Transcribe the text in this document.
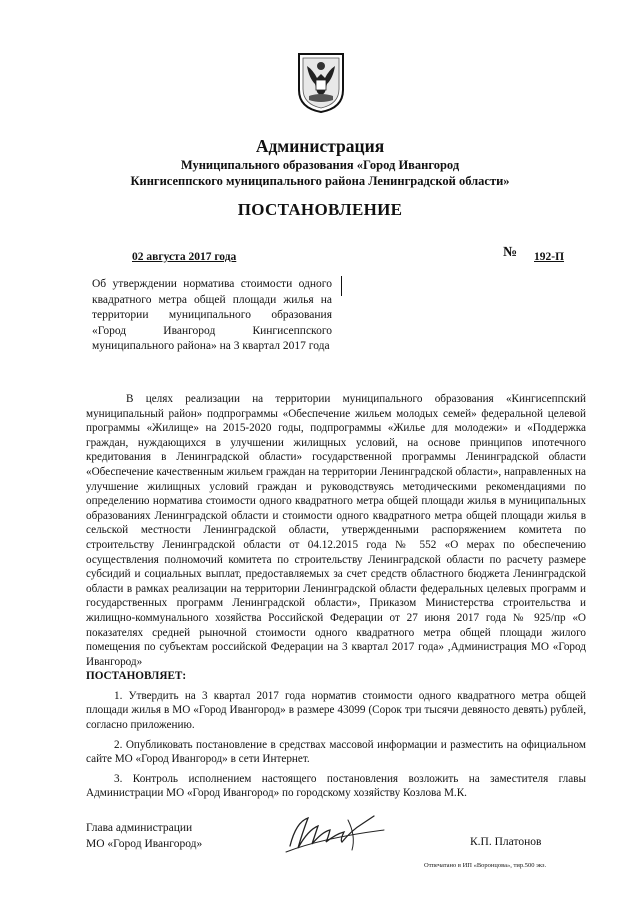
Администрация
Муниципального образования «Город Ивангород
Кингисеппского муниципального района Ленинградской области»
ПОСТАНОВЛЕНИЕ
02 августа 2017 года	№	192-П
Об утверждении норматива стоимости одного квадратного метра общей площади жилья на территории муниципального образования «Город Ивангород Кингисеппского муниципального района» на 3 квартал 2017 года

В целях реализации на территории муниципального образования «Кингисеппский муниципальный район» подпрограммы «Обеспечение жильем молодых семей» федеральной целевой программы «Жилище» на 2015-2020 годы, подпрограммы «Жилье для молодежи» и «Поддержка граждан, нуждающихся в улучшении жилищных условий, на основе принципов ипотечного кредитования в Ленинградской области» государственной программы Ленинградской области «Обеспечение качественным жильем граждан на территории Ленинградской области», направленных на улучшение жилищных условий граждан и руководствуясь методическими рекомендациями по определению норматива стоимости одного квадратного метра общей площади жилья в муниципальных образованиях Ленинградской области и стоимости одного квадратного метра общей площади жилья в сельской местности Ленинградской области, утвержденными распоряжением комитета по строительству Ленинградской области от 04.12.2015 года № 552 «О мерах по обеспечению осуществления полномочий комитета по строительству Ленинградской области по расчету размере субсидий и социальных выплат, предоставляемых за счет средств областного бюджета Ленинградской области в рамках реализации на территории Ленинградской области федеральных целевых программ и государственных программ Ленинградской области», Приказом Министерства строительства и жилищно-коммунального хозяйства Российской Федерации от 27 июня 2017 года № 925/пр «О показателях средней рыночной стоимости одного квадратного метра общей площади жилого помещения по субъектам российской Федерации на 3 квартал 2017 года» ,Администрация МО «Город Ивангород»

ПОСТАНОВЛЯЕТ:

1. Утвердить на 3 квартал 2017 года норматив стоимости одного квадратного метра общей площади жилья в МО «Город Ивангород» в размере 43099 (Сорок три тысячи девяносто девять) рублей, согласно приложению.

2. Опубликовать постановление в средствах массовой информации и разместить на официальном сайте МО «Город Ивангород» в сети Интернет.

3. Контроль исполнением настоящего постановления возложить на заместителя главы Администрации МО «Город Ивангород» по городскому хозяйству Козлова М.К.

Глава администрации
МО «Город Ивангород»	К.П. Платонов
Отпечатано в ИП «Воронцова», тир.500 экз.
